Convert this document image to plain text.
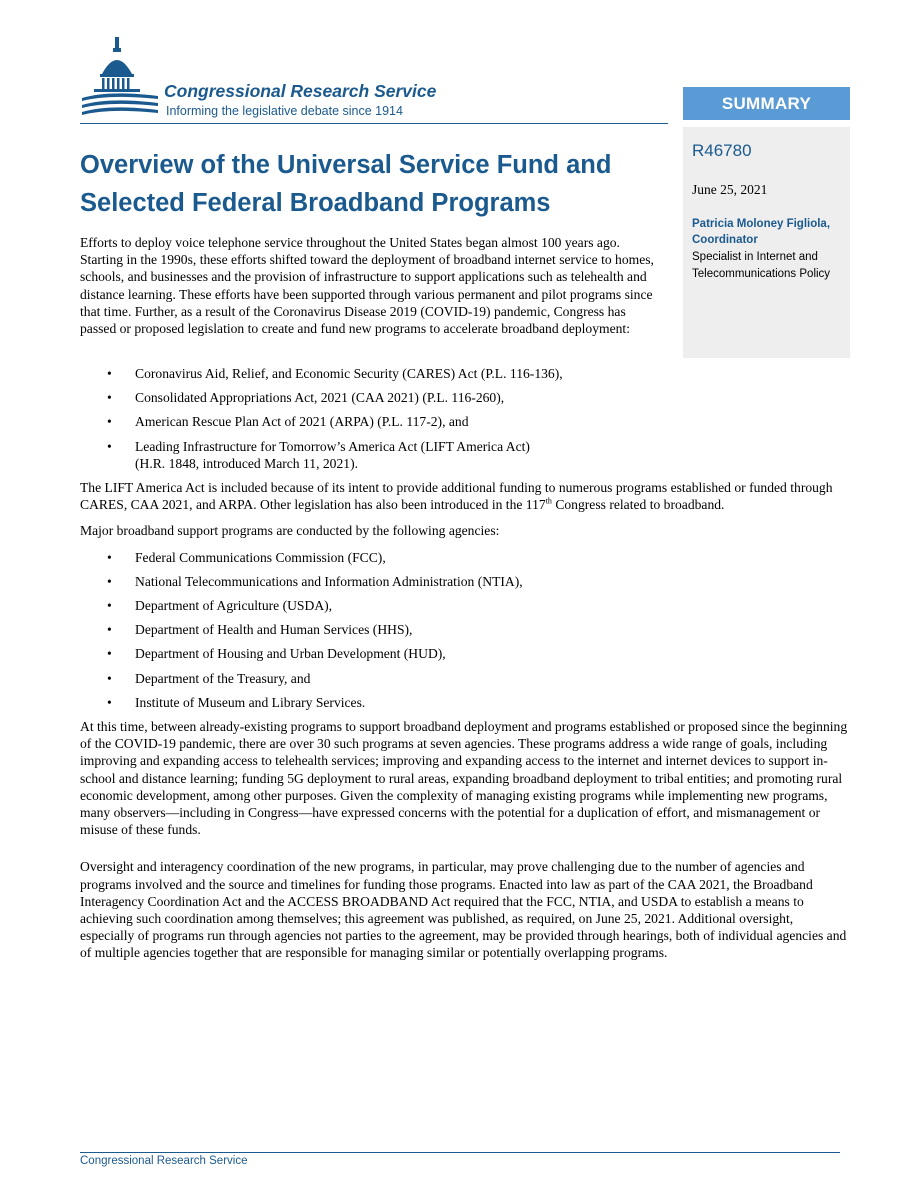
Congressional Research Service
Informing the legislative debate since 1914	SUMMARY
R46780
June 25, 2021
Patricia Moloney Figliola, Coordinator
Specialist in Internet and Telecommunications Policy
Overview of the Universal Service Fund and Selected Federal Broadband Programs

Efforts to deploy voice telephone service throughout the United States began almost 100 years ago. Starting in the 1990s, these efforts shifted toward the deployment of broadband internet service to homes, schools, and businesses and the provision of infrastructure to support applications such as telehealth and distance learning. These efforts have been supported through various permanent and pilot programs since that time. Further, as a result of the Coronavirus Disease 2019 (COVID-19) pandemic, Congress has passed or proposed legislation to create and fund new programs to accelerate broadband deployment:

• Coronavirus Aid, Relief, and Economic Security (CARES) Act (P.L. 116-136),
• Consolidated Appropriations Act, 2021 (CAA 2021) (P.L. 116-260),
• American Rescue Plan Act of 2021 (ARPA) (P.L. 117-2), and
• Leading Infrastructure for Tomorrow’s America Act (LIFT America Act)
(H.R. 1848, introduced March 11, 2021).

The LIFT America Act is included because of its intent to provide additional funding to numerous programs established or funded through CARES, CAA 2021, and ARPA. Other legislation has also been introduced in the 117th Congress related to broadband.

Major broadband support programs are conducted by the following agencies:

• Federal Communications Commission (FCC),
• National Telecommunications and Information Administration (NTIA),
• Department of Agriculture (USDA),
• Department of Health and Human Services (HHS),
• Department of Housing and Urban Development (HUD),
• Department of the Treasury, and
• Institute of Museum and Library Services.

At this time, between already-existing programs to support broadband deployment and programs established or proposed since the beginning of the COVID-19 pandemic, there are over 30 such programs at seven agencies. These programs address a wide range of goals, including improving and expanding access to telehealth services; improving and expanding access to the internet and internet devices to support in-school and distance learning; funding 5G deployment to rural areas, expanding broadband deployment to tribal entities; and promoting rural economic development, among other purposes. Given the complexity of managing existing programs while implementing new programs, many observers—including in Congress—have expressed concerns with the potential for a duplication of effort, and mismanagement or misuse of these funds.

Oversight and interagency coordination of the new programs, in particular, may prove challenging due to the number of agencies and programs involved and the source and timelines for funding those programs. Enacted into law as part of the CAA 2021, the Broadband Interagency Coordination Act and the ACCESS BROADBAND Act required that the FCC, NTIA, and USDA to establish a means to achieving such coordination among themselves; this agreement was published, as required, on June 25, 2021. Additional oversight, especially of programs run through agencies not parties to the agreement, may be provided through hearings, both of individual agencies and of multiple agencies together that are responsible for managing similar or potentially overlapping programs.

Congressional Research Service
